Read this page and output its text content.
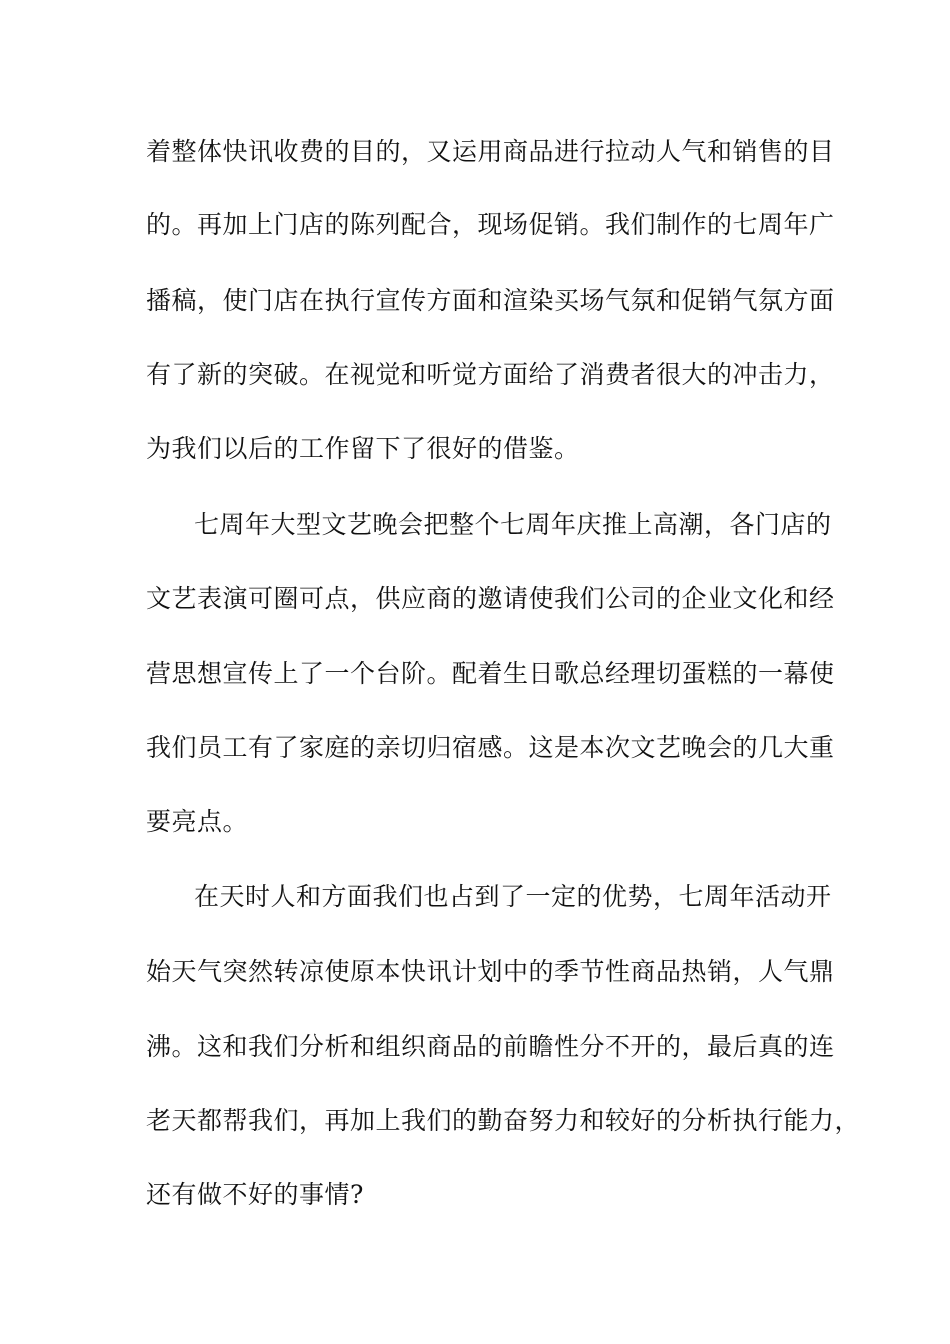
着整体快讯收费的目的，又运用商品进行拉动人气和销售的目
的。再加上门店的陈列配合，现场促销。我们制作的七周年广
播稿，使门店在执行宣传方面和渲染买场气氛和促销气氛方面
有了新的突破。在视觉和听觉方面给了消费者很大的冲击力，
为我们以后的工作留下了很好的借鉴。
七周年大型文艺晚会把整个七周年庆推上高潮，各门店的
文艺表演可圈可点，供应商的邀请使我们公司的企业文化和经
营思想宣传上了一个台阶。配着生日歌总经理切蛋糕的一幕使
我们员工有了家庭的亲切归宿感。这是本次文艺晚会的几大重
要亮点。
在天时人和方面我们也占到了一定的优势，七周年活动开
始天气突然转凉使原本快讯计划中的季节性商品热销，人气鼎
沸。这和我们分析和组织商品的前瞻性分不开的，最后真的连
老天都帮我们，再加上我们的勤奋努力和较好的分析执行能力，
还有做不好的事情?
